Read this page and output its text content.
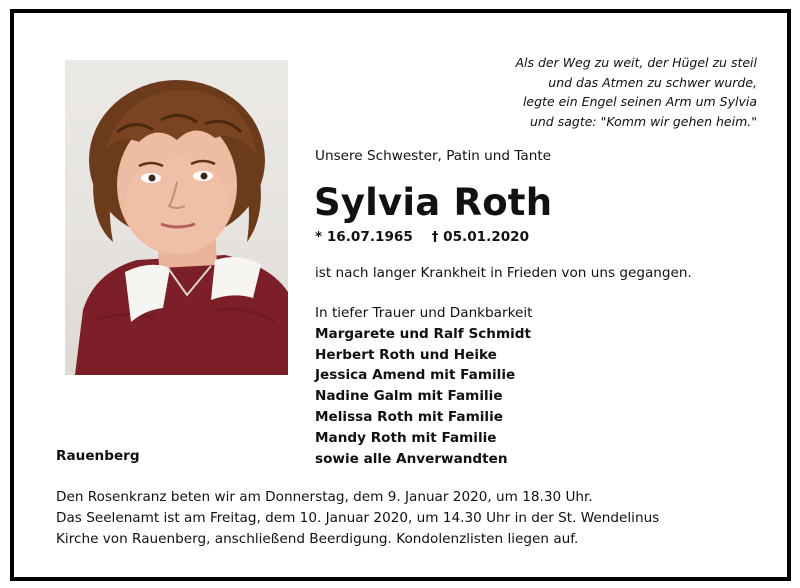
Als der Weg zu weit, der Hügel zu steil
und das Atmen zu schwer wurde,
legte ein Engel seinen Arm um Sylvia
und sagte: "Komm wir gehen heim."
Unsere Schwester, Patin und Tante
Sylvia Roth
* 16.07.1965 † 05.01.2020
ist nach langer Krankheit in Frieden von uns gegangen.
In tiefer Trauer und Dankbarkeit
Margarete und Ralf Schmidt
Herbert Roth und Heike
Jessica Amend mit Familie
Nadine Galm mit Familie
Melissa Roth mit Familie
Mandy Roth mit Familie
sowie alle Anverwandten
Rauenberg
Den Rosenkranz beten wir am Donnerstag, dem 9. Januar 2020, um 18.30 Uhr.
Das Seelenamt ist am Freitag, dem 10. Januar 2020, um 14.30 Uhr in der St. Wendelinus
Kirche von Rauenberg, anschließend Beerdigung. Kondolenzlisten liegen auf.
